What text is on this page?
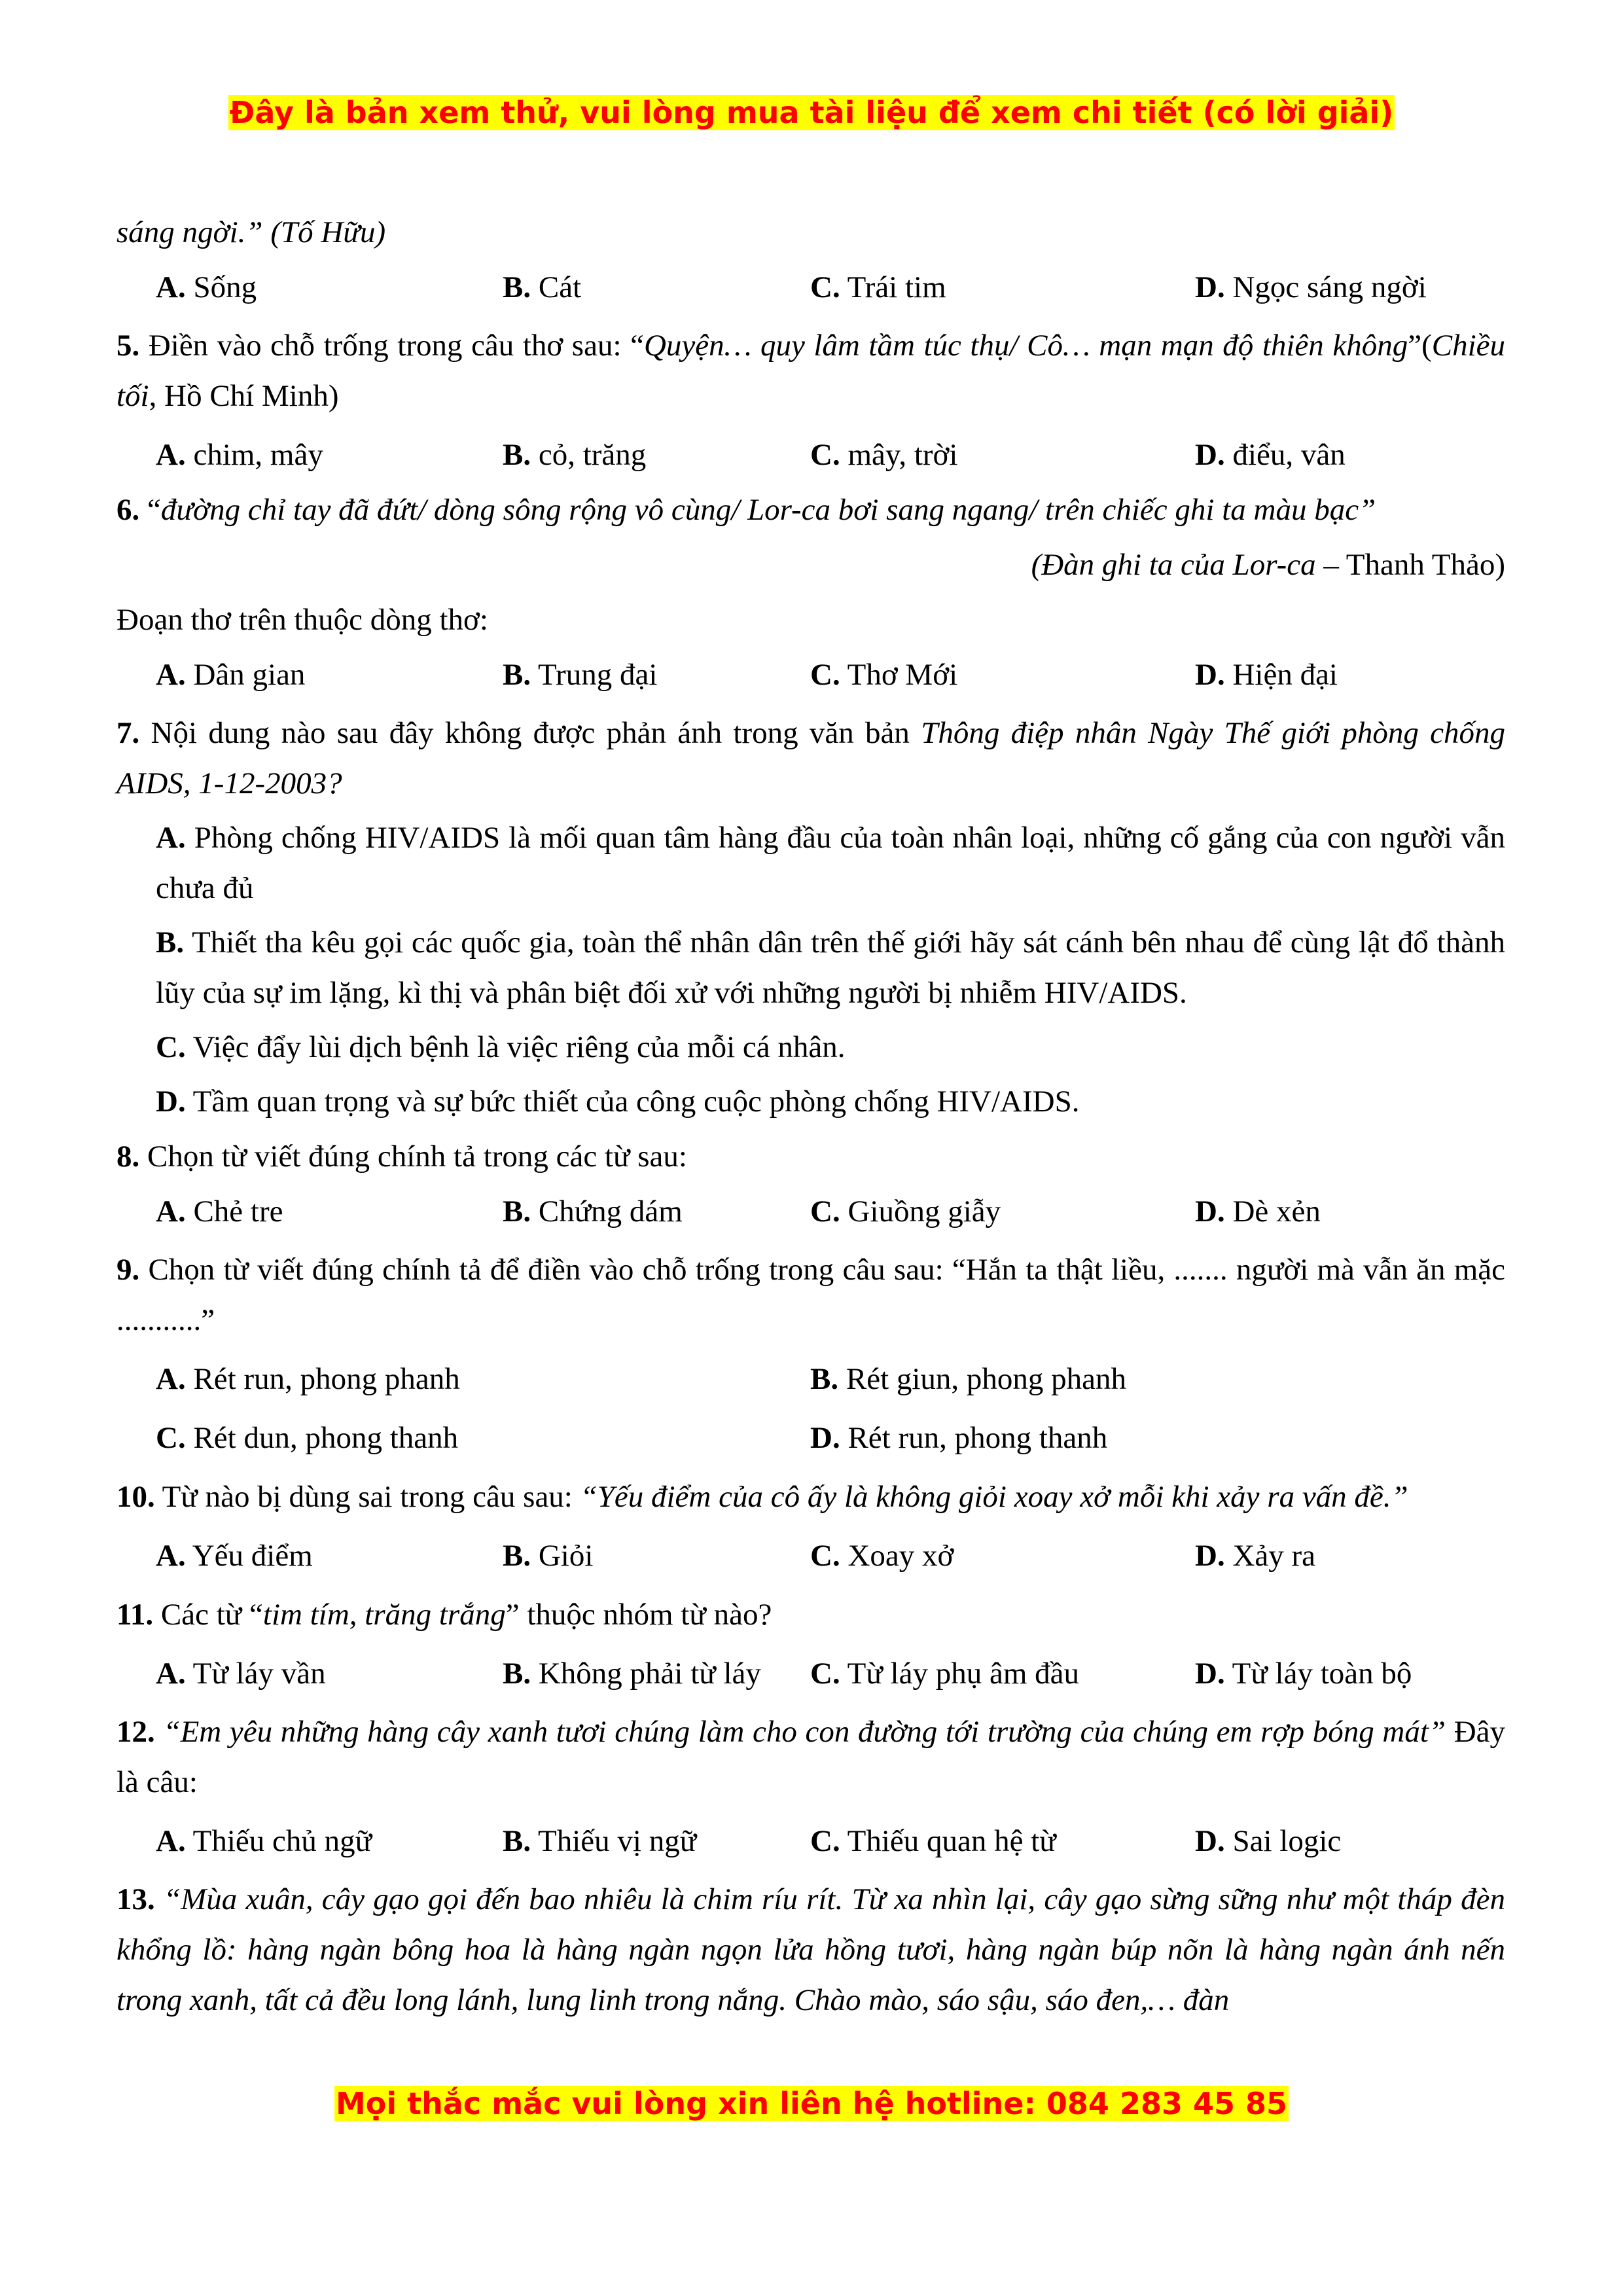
Đây là bản xem thử, vui lòng mua tài liệu để xem chi tiết (có lời giải)
sáng ngời.” (Tố Hữu)
A. Sống	B. Cát	C. Trái tim	D. Ngọc sáng ngời
5. Điền vào chỗ trống trong câu thơ sau: “Quyện… quy lâm tầm túc thụ/ Cô… mạn mạn độ thiên không”(Chiều tối, Hồ Chí Minh)
A. chim, mây	B. cỏ, trăng	C. mây, trời	D. điểu, vân
6. “đường chỉ tay đã đứt/ dòng sông rộng vô cùng/ Lor-ca bơi sang ngang/ trên chiếc ghi ta màu bạc”
(Đàn ghi ta của Lor-ca – Thanh Thảo)
Đoạn thơ trên thuộc dòng thơ:
A. Dân gian	B. Trung đại	C. Thơ Mới	D. Hiện đại
7. Nội dung nào sau đây không được phản ánh trong văn bản Thông điệp nhân Ngày Thế giới phòng chống AIDS, 1-12-2003?
A. Phòng chống HIV/AIDS là mối quan tâm hàng đầu của toàn nhân loại, những cố gắng của con người vẫn chưa đủ
B. Thiết tha kêu gọi các quốc gia, toàn thể nhân dân trên thế giới hãy sát cánh bên nhau để cùng lật đổ thành lũy của sự im lặng, kì thị và phân biệt đối xử với những người bị nhiễm HIV/AIDS.
C. Việc đẩy lùi dịch bệnh là việc riêng của mỗi cá nhân.
D. Tầm quan trọng và sự bức thiết của công cuộc phòng chống HIV/AIDS.
8. Chọn từ viết đúng chính tả trong các từ sau:
A. Chẻ tre	B. Chứng dám	C. Giuồng giẫy	D. Dè xẻn
9. Chọn từ viết đúng chính tả để điền vào chỗ trống trong câu sau: “Hắn ta thật liều, ....... người mà vẫn ăn mặc ...........”
A. Rét run, phong phanh	B. Rét giun, phong phanh
C. Rét dun, phong thanh	D. Rét run, phong thanh
10. Từ nào bị dùng sai trong câu sau: “Yếu điểm của cô ấy là không giỏi xoay xở mỗi khi xảy ra vấn đề.”
A. Yếu điểm	B. Giỏi	C. Xoay xở	D. Xảy ra
11. Các từ “tim tím, trăng trắng” thuộc nhóm từ nào?
A. Từ láy vần	B. Không phải từ láy C. Từ láy phụ âm đầu	D. Từ láy toàn bộ
12. “Em yêu những hàng cây xanh tươi chúng làm cho con đường tới trường của chúng em rợp bóng mát” Đây là câu:
A. Thiếu chủ ngữ	B. Thiếu vị ngữ	C. Thiếu quan hệ từ	D. Sai logic
13. “Mùa xuân, cây gạo gọi đến bao nhiêu là chim ríu rít. Từ xa nhìn lại, cây gạo sừng sững như một tháp đèn khổng lồ: hàng ngàn bông hoa là hàng ngàn ngọn lửa hồng tươi, hàng ngàn búp nõn là hàng ngàn ánh nến trong xanh, tất cả đều long lánh, lung linh trong nắng. Chào mào, sáo sậu, sáo đen,… đàn
Mọi thắc mắc vui lòng xin liên hệ hotline: 084 283 45 85
